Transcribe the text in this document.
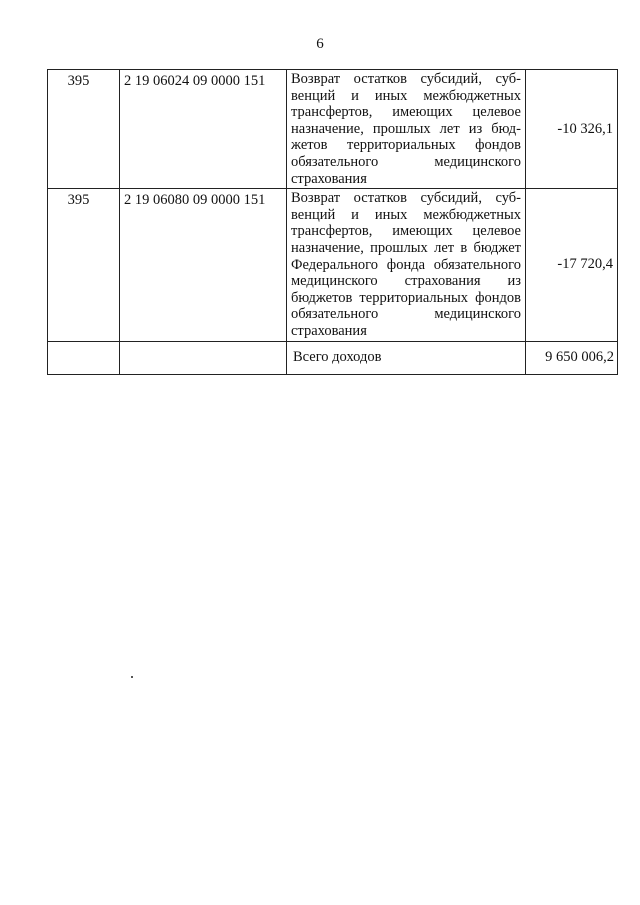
6
395	2 19 06024 09 0000 151	Возврат остатков субсидий, субвенций и иных межбюджетных трансфертов, имеющих целевое назначение, прошлых лет из бюджетов территориальных фондов обязательного медицинского страхования	-10 326,1
395	2 19 06080 09 0000 151	Возврат остатков субсидий, субвенций и иных межбюджетных трансфертов, имеющих целевое назначение, прошлых лет в бюджет Федерального фонда обязательного медицинского страхования из бюджетов территориальных фондов обязательного медицинского страхования	-17 720,4
		Всего доходов	9 650 006,2
